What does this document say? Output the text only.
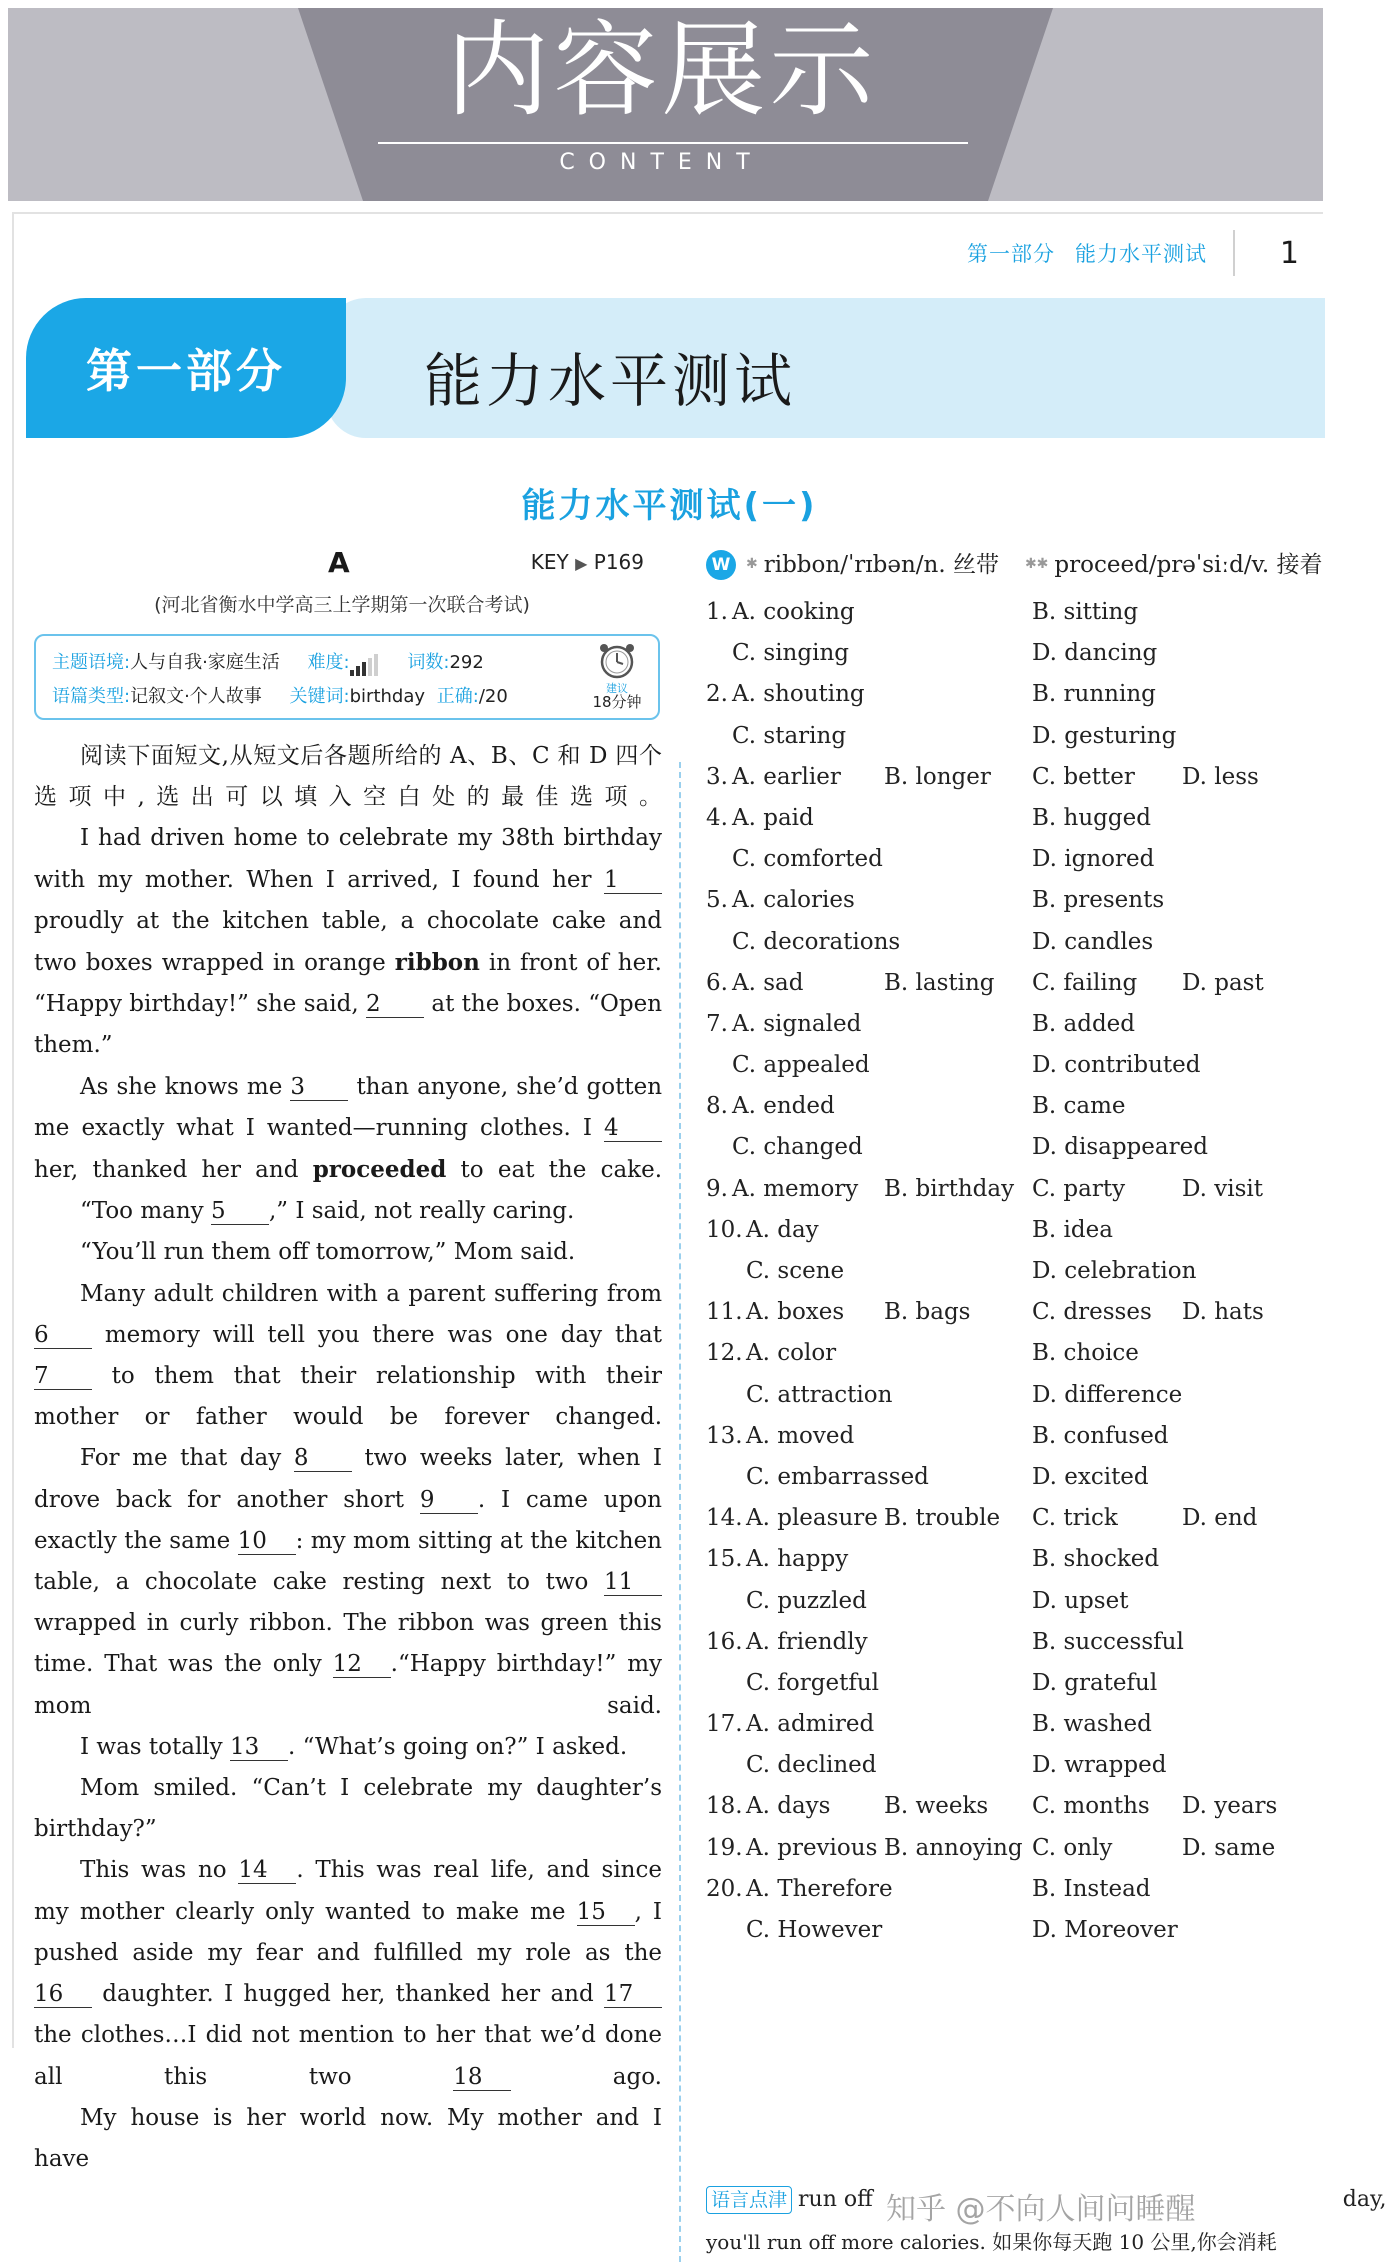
内容展示
CONTENT
第一部分 能力水平测试 1
第一部分	能力水平测试
能力水平测试(一)
A	KEY ▶ P169
(河北省衡水中学高三上学期第一次联合考试)
主题语境:人与自我·家庭生活 难度:	词数:292
语篇类型:记叙文·个人故事 关键词:birthday 正确:/20	建议
18分钟

阅读下面短文,从短文后各题所给的 A、B、C 和 D 四个选项中,选出可以填入空白处的最佳选项。

I had driven home to celebrate my 38th birthday with my mother. When I arrived, I found her 1 proudly at the kitchen table, a chocolate cake and two boxes wrapped in orange ribbon in front of her. “Happy birthday!” she said, 2 at the boxes. “Open them.”

As she knows me 3 than anyone, she’d gotten me exactly what I wanted—running clothes. I 4 her, thanked her and proceeded to eat the cake.

“Too many 5 ,” I said, not really caring.

“You’ll run them off tomorrow,” Mom said.

Many adult children with a parent suffering from 6 memory will tell you there was one day that 7	to them that their relationship with their mother or father would be forever changed.

For me that day 8 two weeks later, when I drove back for another short 9 . I came upon exactly the same 10 : my mom sitting at the kitchen table, a chocolate cake resting next to two 11 wrapped in curly ribbon. The ribbon was green this time. That was the only 12 .“Happy birthday!” my mom said.

I was totally 13 . “What’s going on?” I asked.

Mom smiled. “Can’t I celebrate my daughter’s birthday?”

This was no 14 . This was real life, and since my mother clearly only wanted to make me 15 , I pushed aside my fear and fulfilled my role as the 16 daughter. I hugged her, thanked her and 17 the clothes…I did not mention to her that we’d done all this two	18	ago.

My house is her world now. My mother and I have

W ✱ ribbon/ˈrɪbən/n. 丝带 ✱✱ proceed/prəˈsiːd/v. 接着
1. A. cooking	B. sitting
C. singing	D. dancing
2. A. shouting	B. running
C. staring	D. gesturing
3. A. earlier B. longer C. better D. less
4. A. paid	B. hugged
C. comforted	D. ignored
5. A. calories	B. presents
C. decorations	D. candles
6. A. sad	B. lasting C. failing D. past
7. A. signaled	B. added
C. appealed	D. contributed
8. A. ended	B. came
C. changed	D. disappeared
9. A. memory B. birthday C. party D. visit
10. A. day	B. idea
C. scene	D. celebration
11. A. boxes B. bags	C. dresses D. hats
12. A. color	B. choice
C. attraction	D. difference
13. A. moved	B. confused
C. embarrassed	D. excited
14. A. pleasure B. trouble C. trick	D. end
15. A. happy	B. shocked
C. puzzled	D. upset
16. A. friendly	B. successful
C. forgetful	D. grateful
17. A. admired	B. washed
C. declined	D. wrapped
18. A. days B. weeks C. months D. years
19. A. previous B. annoying C. only	D. same
20. A. Therefore	B. Instead
C. However	D. Moreover
语言点津 run off	day,
you'll run off more calories. 如果你每天跑 10 公里,你会消耗
知乎 @不向人间问睡醒
